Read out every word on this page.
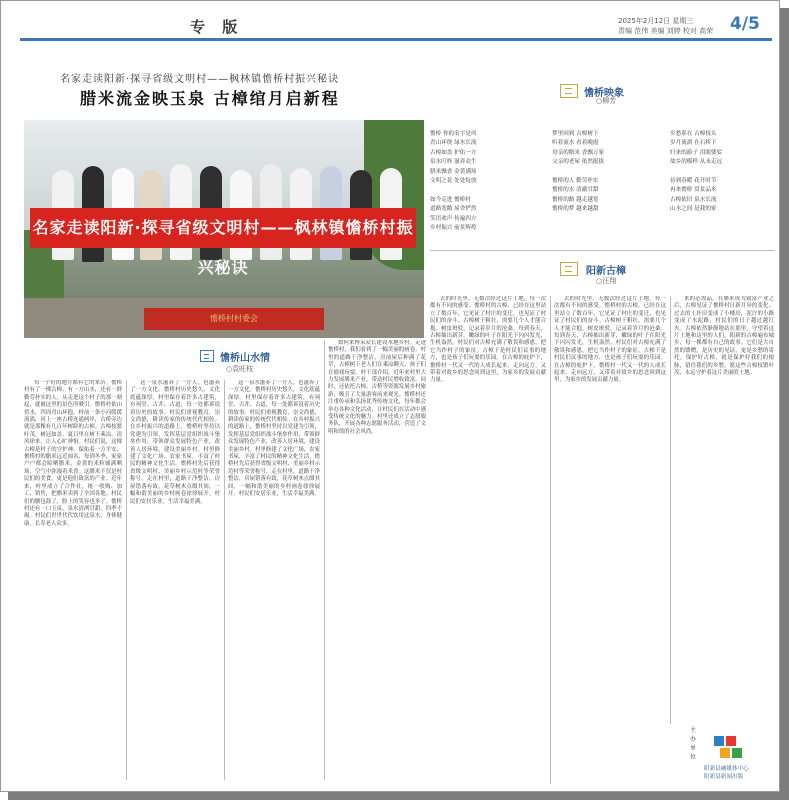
专 版	2025年2月12日 星期三
责编 范伟 美编 刘婷 校对 高荣 4/5
名家走读阳新·探寻省级文明村——枫林镇憺桥村振兴秘诀
腊米流金映玉泉 古樟绾月启新程
名家走读阳新·探寻省级文明村——枫林镇憺桥村振兴秘诀
憺桥村村委会
憺桥山水情
○袁旺枝

每一个好的地方都有它的来历。憺桥村有了一棵古樟，有一方山水，还有一群勤劳朴实的人。从走进这个村子的那一刻起，就被这里的景色所吸引。憺桥村依山傍水，四周青山环抱，村前一条小河缓缓流淌，河上一座古桥连通两岸，古桥旁边就是那棵有几百年树龄的古樟。古樟枝繁叶茂，树冠如盖，夏日里在树下乘凉，清风徐来，让人心旷神怡。村民们说，这棵古樟是村子的守护神，保佑着一方平安。憺桥村的腊米远近闻名，每到冬季，家家户户都会晾晒腊米，金黄的米粒铺满晒场，空气中弥漫着米香。这腊米不仅是村民们的美食，更是他们致富的产业。近年来，村里成立了合作社，统一收购、加工、销售，把腊米卖到了全国各地。村民们的腰包鼓了，脸上的笑容也多了。憺桥村还有一口玉泉，泉水清冽甘甜，四季不竭。村民们世世代代饮用这泉水，身体健康，长寿老人众多。

这一泉水滋养了一方人，也滋养了一方文化。憺桥村历史悠久，文化底蕴深厚。村里保存着许多古建筑，有祠堂、古井、古道，每一处都诉说着历史的故事。村民们重视教育，崇文尚德，耕读传家的传统代代相传。在乡村振兴的道路上，憺桥村坚持以党建为引领，发挥基层党组织战斗堡垒作用，带领群众发展特色产业，改善人居环境，建设美丽乡村。村里修建了文化广场、农家书屋，丰富了村民的精神文化生活。憺桥村先后获得省级文明村、美丽乡村示范村等荣誉称号。走在村里，道路干净整洁，房屋错落有致，花草树木点缀其间，一幅和谐美丽的乡村画卷徐徐展开。村民们安居乐业，生活幸福美满。

这一泉水滋养了一方人，也滋养了一方文化。憺桥村历史悠久，文化底蕴深厚。村里保存着许多古建筑，有祠堂、古井、古道，每一处都诉说着历史的故事。村民们重视教育，崇文尚德，耕读传家的传统代代相传。在乡村振兴的道路上，憺桥村坚持以党建为引领，发挥基层党组织战斗堡垒作用，带领群众发展特色产业，改善人居环境，建设美丽乡村。村里修建了文化广场、农家书屋，丰富了村民的精神文化生活。憺桥村先后获得省级文明村、美丽乡村示范村等荣誉称号。走在村里，道路干净整洁，房屋错落有致，花草树木点缀其间，一幅和谐美丽的乡村画卷徐徐展开。村民们安居乐业，生活幸福美满。

如何来博采众长建设本地乡村。走进憺桥村，我们看到了一幅美丽的画卷。村里的道路干净整洁，房前屋后种满了花草，古樟树下老人们在乘凉聊天，孩子们在嬉戏玩耍。村干部介绍，近年来村里大力发展腊米产业，带动村民增收致富。同时，还依托古樟、古桥等资源发展乡村旅游，吸引了大量游客前来观光。憺桥村还注重传承和弘扬优秀传统文化，每年都会举办各种文化活动，让村民们在活动中感受传统文化的魅力。村里还成立了志愿服务队，开展各种志愿服务活动，营造了文明和谐的社会风尚。

憺桥映象
○柳芳
憺桥 你的名字是风
青山环绕 绿水长流
古樟如盖 护佑一方
泉水叮咚 滋养众生
腊米飘香 金黄满场
文明之花 处处绽放

如今走进 憺桥村
道路宽敞 屋舍俨然
笑语欢声 传遍四方
乡村振兴 前景辉煌
梦里回到 古樟树下
听着流水 看着晚霞
母亲的腊米 香飘万家
父亲的老屋 依然挺拔

憺桥的人 勤劳朴实
憺桥的水 清澈甘甜
憺桥的路 越走越宽
憺桥的梦 越来越甜
乡愁系在 古樟枝头
岁月流淌 在石桥下
归来的游子 泪眼婆娑
故乡的模样 从未走远

待到春暖 花开时节
再来憺桥 赏景品米
古樟依旧 泉水长流
山水之间 是我的家
阳新古樟
○汪翔

去的时光里，无数次经过这片土地，每一次都有不同的感受。憺桥村的古樟，已经在这里站立了数百年，它见证了村庄的变迁，也见证了村民们的奋斗。古樟树干粗壮，需要几个人才能合抱，树皮斑驳，记录着岁月的沧桑。每到春天，古樟抽出新芽，嫩绿的叶子在阳光下闪闪发光，生机盎然。村民们对古樟充满了敬畏和感恩，把它当作村子的象征。古樟下是村民们议事的地方，也是孩子们玩耍的乐园。在古樟的庇护下，憺桥村一代又一代的人成长起来，走向远方，又带着对故乡的思念回到这里，为家乡的发展贡献力量。

去的时光里，无数次经过这片土地，每一次都有不同的感受。憺桥村的古樟，已经在这里站立了数百年，它见证了村庄的变迁，也见证了村民们的奋斗。古樟树干粗壮，需要几个人才能合抱，树皮斑驳，记录着岁月的沧桑。每到春天，古樟抽出新芽，嫩绿的叶子在阳光下闪闪发光，生机盎然。村民们对古樟充满了敬畏和感恩，把它当作村子的象征。古樟下是村民们议事的地方，也是孩子们玩耍的乐园。在古樟的庇护下，憺桥村一代又一代的人成长起来，走向远方，又带着对故乡的思念回到这里，为家乡的发展贡献力量。

来的必需品。在腊米成为致富产业之后，古樟见证了憺桥村日新月异的变化。过去的土坯房变成了小楼房，泥泞的小路变成了水泥路，村民们的日子越过越红火。古樟依然静静地站在那里，守望着这片土地和这里的人们。阳新的古樟遍布城乡，每一棵都有自己的故事。它们是大自然的馈赠，是历史的见证，更是乡愁的寄托。保护好古樟，就是保护好我们的根脉，留住我们的乡愁。愿这些古樟枝繁叶茂，永远守护着这片美丽的土地。

主办单位
阳新县融媒体中心
阳新县新闻出版
